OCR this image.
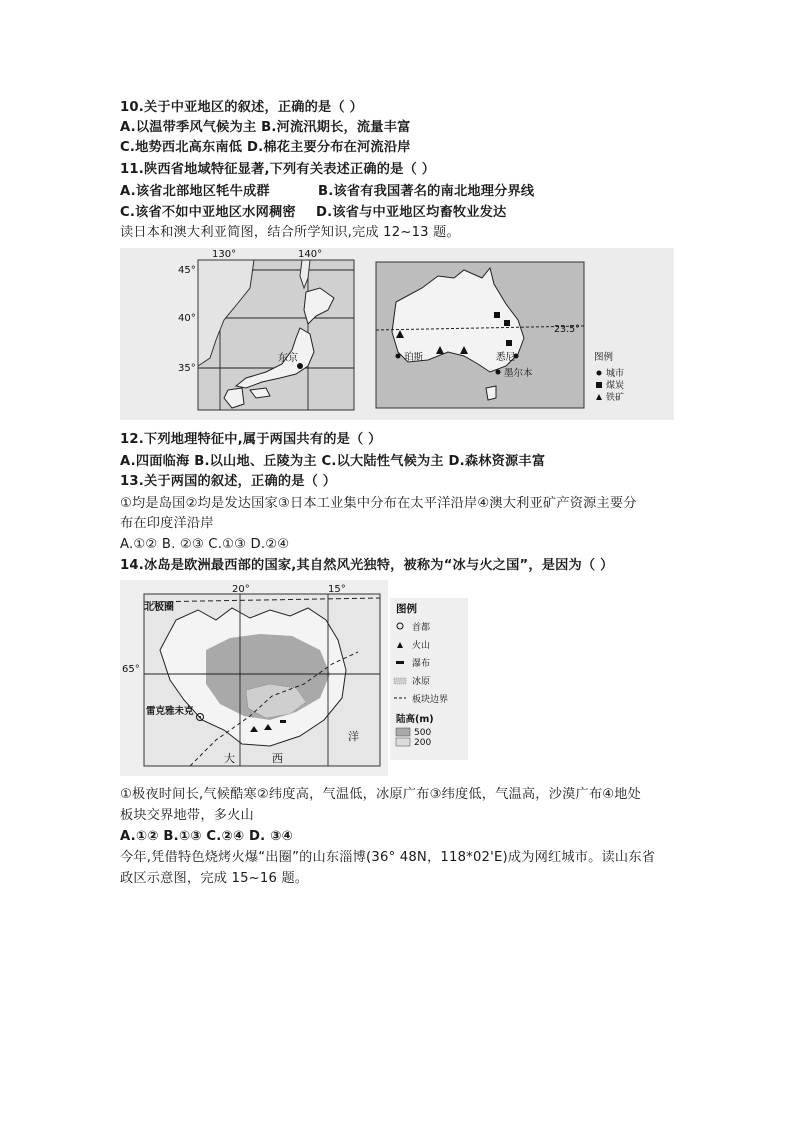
10.关于中亚地区的叙述，正确的是（ ）
A.以温带季风气候为主 B.河流汛期长，流量丰富
C.地势西北高东南低 D.棉花主要分布在河流沿岸
11.陕西省地域特征显著,下列有关表述正确的是（ ）
A.该省北部地区牦牛成群	B.该省有我国著名的南北地理分界线
C.该省不如中亚地区水网稠密 D.该省与中亚地区均畜牧业发达
读日本和澳大利亚简图，结合所学知识,完成 12~13 题。
东京
130°	140°
45°
40°
35°
23.5°
珀斯	悉尼
墨尔本
图例
城市
煤炭
铁矿
12.下列地理特征中,属于两国共有的是（ ）
A.四面临海 B.以山地、丘陵为主 C.以大陆性气候为主 D.森林资源丰富
13.关于两国的叙述，正确的是（ ）
①均是岛国②均是发达国家③日本工业集中分布在太平洋沿岸④澳大利亚矿产资源主要分
布在印度洋沿岸
A.①② B. ②③ C.①③ D.②④
14.冰岛是欧洲最西部的国家,其自然风光独特，被称为“冰与火之国”，是因为（ ）
北极圈
20°	15°
65°
雷克雅未克
大	西
洋
图例
首都
火山
瀑布
冰原
板块边界
陆高(m)
500
200
①极夜时间长,气候酷寒②纬度高，气温低，冰原广布③纬度低，气温高，沙漠广布④地处
板块交界地带，多火山
A.①② B.①③ C.②④ D. ③④
今年,凭借特色烧烤火爆“出圈”的山东淄博(36° 48N，118*02'E)成为网红城市。读山东省
政区示意图，完成 15~16 题。
